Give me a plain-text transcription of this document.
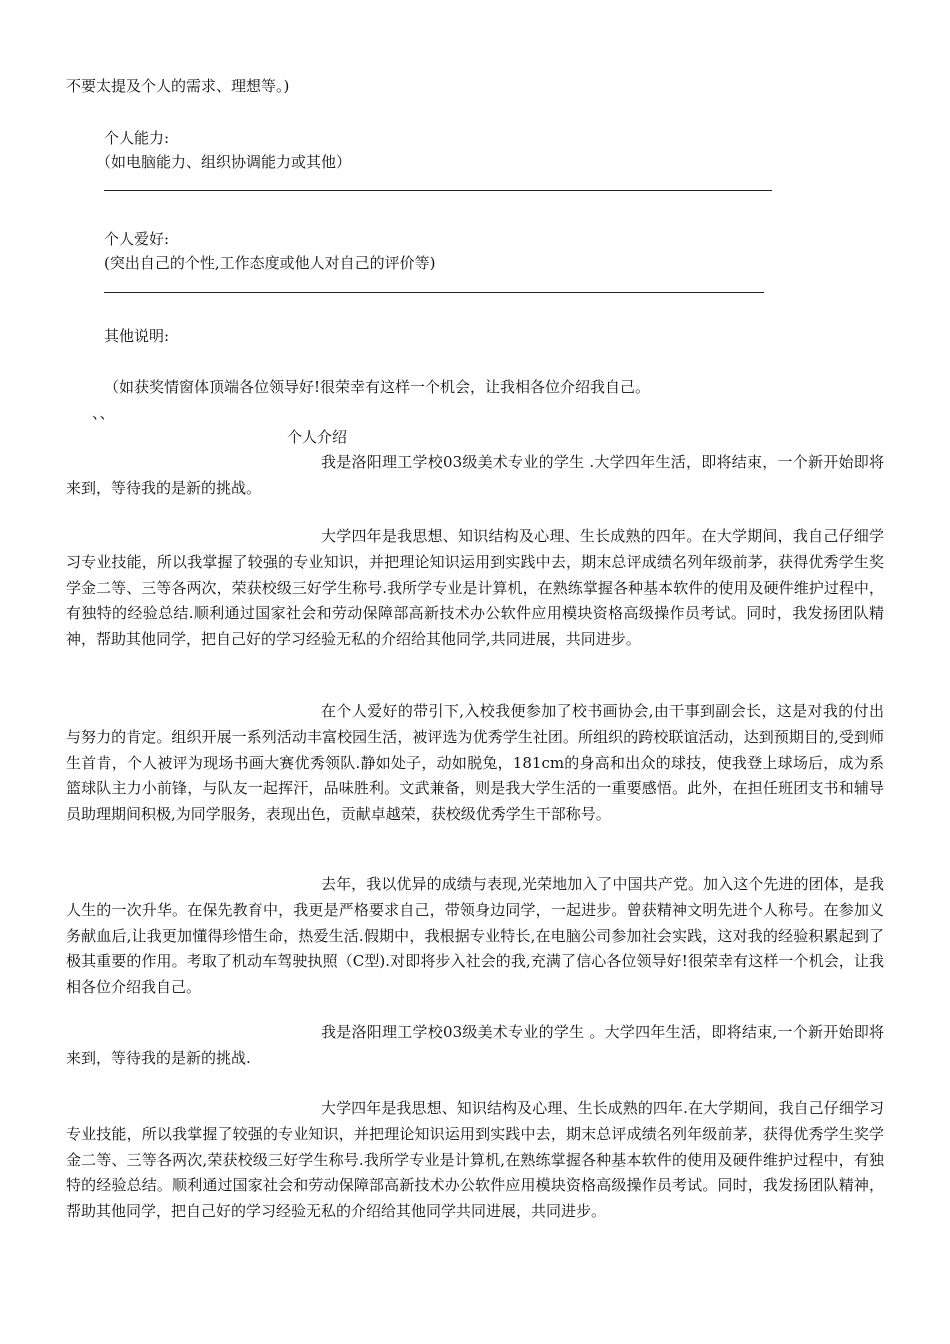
不要太提及个人的需求、理想等。)
个人能力:
（如电脑能力、组织协调能力或其他）
个人爱好:
(突出自己的个性,工作态度或他人对自己的评价等)
其他说明:
（如获奖情窗体顶端各位领导好!很荣幸有这样一个机会，让我相各位介绍我自己。
、、
个人介绍

我是洛阳理工学校03级美术专业的学生 .大学四年生活，即将结束，一个新开始即将来到，等待我的是新的挑战。

大学四年是我思想、知识结构及心理、生长成熟的四年。在大学期间，我自己仔细学习专业技能，所以我掌握了较强的专业知识，并把理论知识运用到实践中去，期末总评成绩名列年级前茅，获得优秀学生奖学金二等、三等各两次，荣获校级三好学生称号.我所学专业是计算机，在熟练掌握各种基本软件的使用及硬件维护过程中，有独特的经验总结.顺利通过国家社会和劳动保障部高新技术办公软件应用模块资格高级操作员考试。同时，我发扬团队精神，帮助其他同学，把自己好的学习经验无私的介绍给其他同学,共同进展，共同进步。

在个人爱好的带引下,入校我便参加了校书画协会,由干事到副会长，这是对我的付出与努力的肯定。组织开展一系列活动丰富校园生活，被评选为优秀学生社团。所组织的跨校联谊活动，达到预期目的,受到师生首肯，个人被评为现场书画大赛优秀领队.静如处子，动如脱兔，181cm的身高和出众的球技，使我登上球场后，成为系篮球队主力小前锋，与队友一起挥汗，品味胜利。文武兼备，则是我大学生活的一重要感悟。此外，在担任班团支书和辅导员助理期间积极,为同学服务，表现出色，贡献卓越荣，获校级优秀学生干部称号。

去年，我以优异的成绩与表现,光荣地加入了中国共产党。加入这个先进的团体，是我人生的一次升华。在保先教育中，我更是严格要求自己，带领身边同学，一起进步。曾获精神文明先进个人称号。在参加义务献血后,让我更加懂得珍惜生命，热爱生活.假期中，我根据专业特长,在电脑公司参加社会实践，这对我的经验积累起到了极其重要的作用。考取了机动车驾驶执照（C型).对即将步入社会的我,充满了信心各位领导好!很荣幸有这样一个机会，让我相各位介绍我自己。

我是洛阳理工学校03级美术专业的学生 。大学四年生活，即将结束,一个新开始即将来到，等待我的是新的挑战.

大学四年是我思想、知识结构及心理、生长成熟的四年.在大学期间，我自己仔细学习专业技能，所以我掌握了较强的专业知识，并把理论知识运用到实践中去，期末总评成绩名列年级前茅，获得优秀学生奖学金二等、三等各两次,荣获校级三好学生称号.我所学专业是计算机,在熟练掌握各种基本软件的使用及硬件维护过程中，有独特的经验总结。顺利通过国家社会和劳动保障部高新技术办公软件应用模块资格高级操作员考试。同时，我发扬团队精神，帮助其他同学，把自己好的学习经验无私的介绍给其他同学共同进展，共同进步。
